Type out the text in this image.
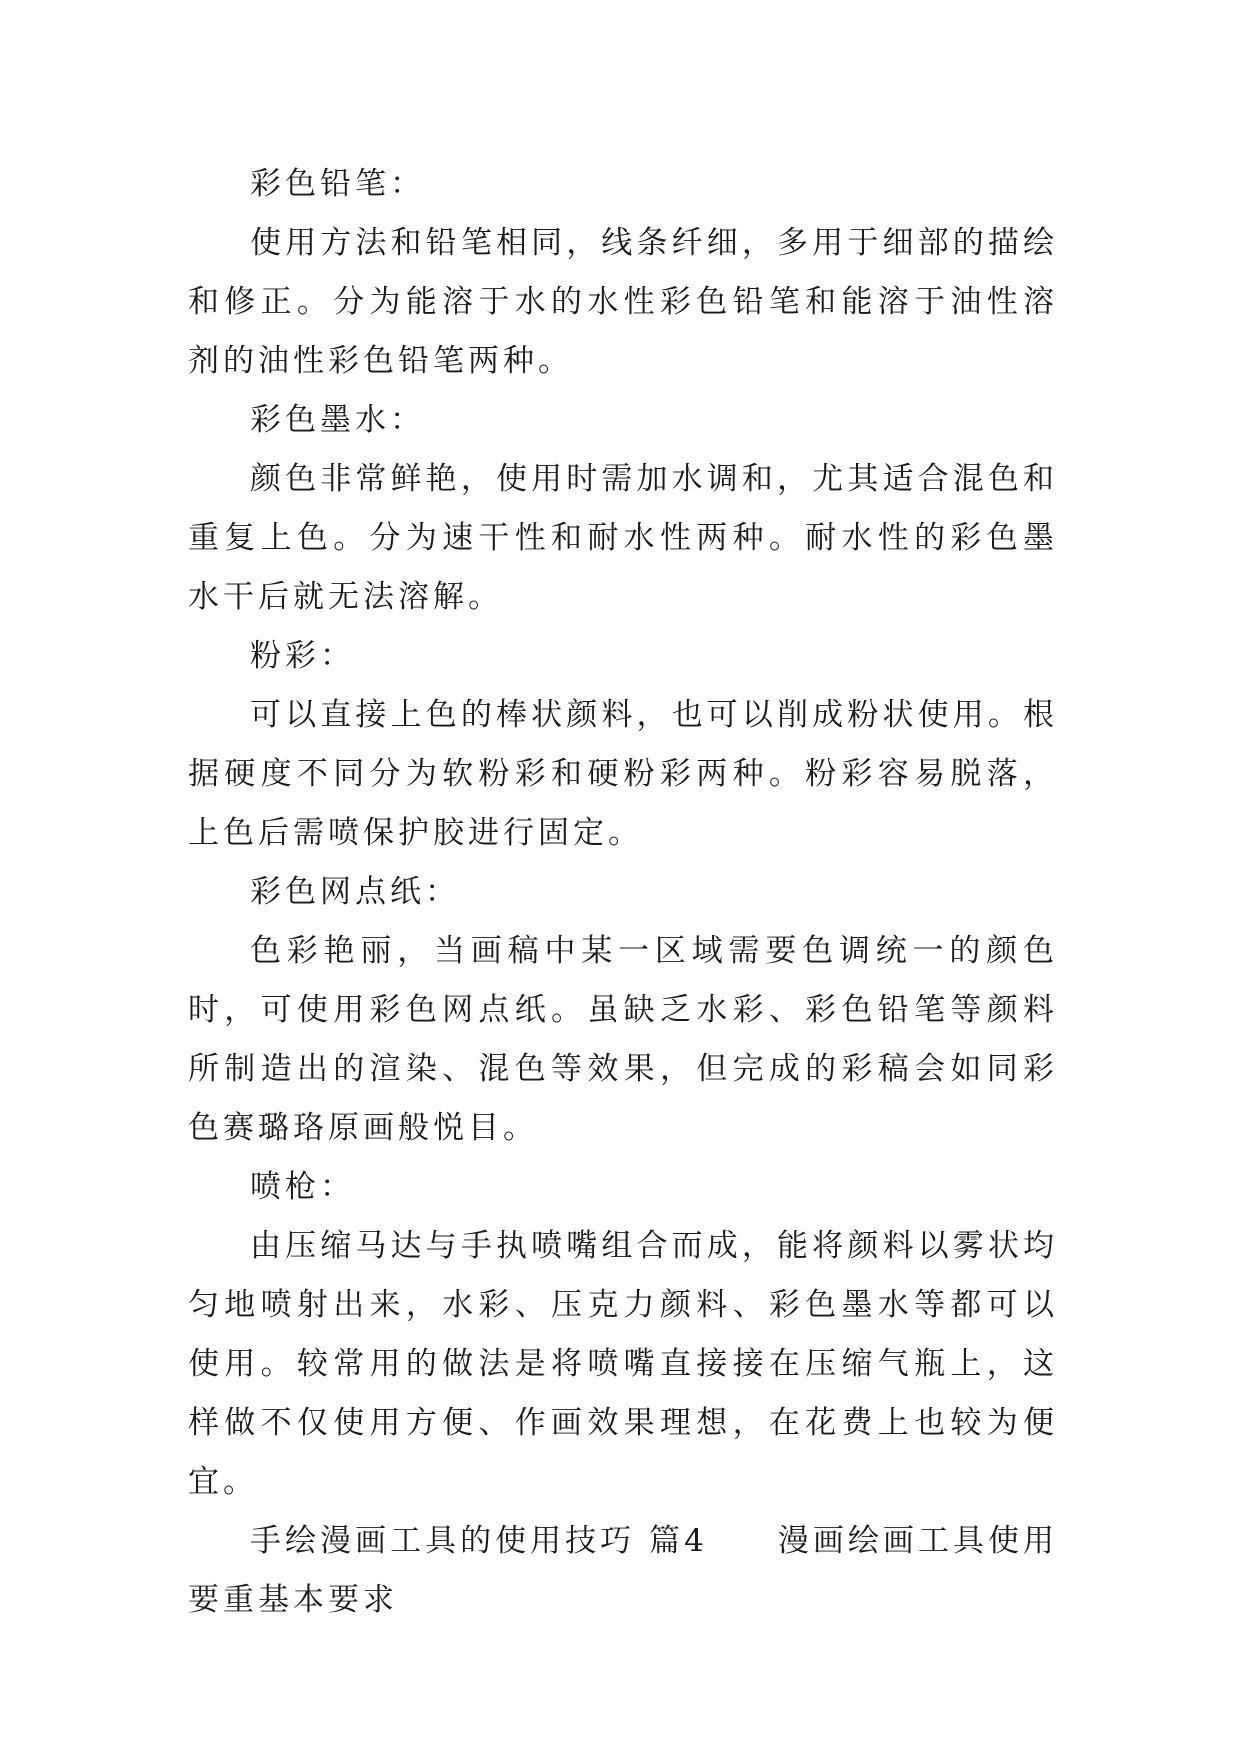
彩色铅笔：

使用方法和铅笔相同，线条纤细，多用于细部的描绘和修正。分为能溶于水的水性彩色铅笔和能溶于油性溶剂的油性彩色铅笔两种。

彩色墨水：

颜色非常鲜艳，使用时需加水调和，尤其适合混色和重复上色。分为速干性和耐水性两种。耐水性的彩色墨水干后就无法溶解。

粉彩：

可以直接上色的棒状颜料，也可以削成粉状使用。根据硬度不同分为软粉彩和硬粉彩两种。粉彩容易脱落，上色后需喷保护胶进行固定。

彩色网点纸：

色彩艳丽，当画稿中某一区域需要色调统一的颜色时，可使用彩色网点纸。虽缺乏水彩、彩色铅笔等颜料所制造出的渲染、混色等效果，但完成的彩稿会如同彩色赛璐珞原画般悦目。

喷枪：

由压缩马达与手执喷嘴组合而成，能将颜料以雾状均匀地喷射出来，水彩、压克力颜料、彩色墨水等都可以使用。较常用的做法是将喷嘴直接接在压缩气瓶上，这样做不仅使用方便、作画效果理想，在花费上也较为便宜。

手绘漫画工具的使用技巧 篇4　　漫画绘画工具使用要重基本要求
